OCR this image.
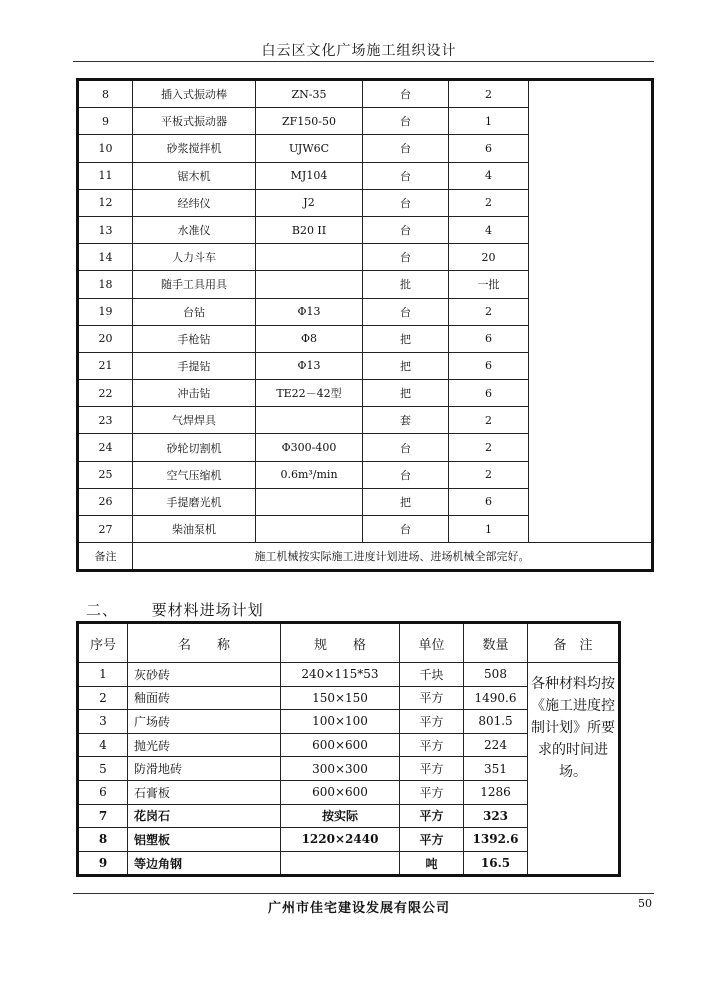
白云区文化广场施工组织设计
8	插入式振动棒	ZN-35	台	2	
9	平板式振动器	ZF150-50	台	1	
10	砂浆搅拌机	UJW6C	台	6	
11	锯木机	MJ104	台	4	
12	经纬仪	J2	台	2	
13	水准仪	B20 II	台	4	
14	人力斗车		台	20	
18	随手工具用具		批	一批	
19	台钻	Φ13	台	2	
20	手枪钻	Φ8	把	6	
21	手提钻	Φ13	把	6	
22	冲击钻	TE22－42型	把	6	
23	气焊焊具		套	2	
24	砂轮切割机	Φ300-400	台	2	
25	空气压缩机	0.6m³/min	台	2	
26	手提磨光机		把	6	
27	柴油泵机		台	1	
备注	施工机械按实际施工进度计划进场、进场机械全部完好。				
二、 要材料进场计划
序号	名　　称	规　　格	单位	数量	备　注
1	灰砂砖	240×115*53	千块	508	各种材料均按《施工进度控制计划》所要求的时间进场。
2	釉面砖	150×150	平方	1490.6	
3	广场砖	100×100	平方	801.5	
4	抛光砖	600×600	平方	224	
5	防滑地砖	300×300	平方	351	
6	石膏板	600×600	平方	1286	
7	花岗石	按实际	平方	323	
8	铝塑板	1220×2440	平方	1392.6	
9	等边角钢		吨	16.5	
广州市佳宅建设发展有限公司	50
